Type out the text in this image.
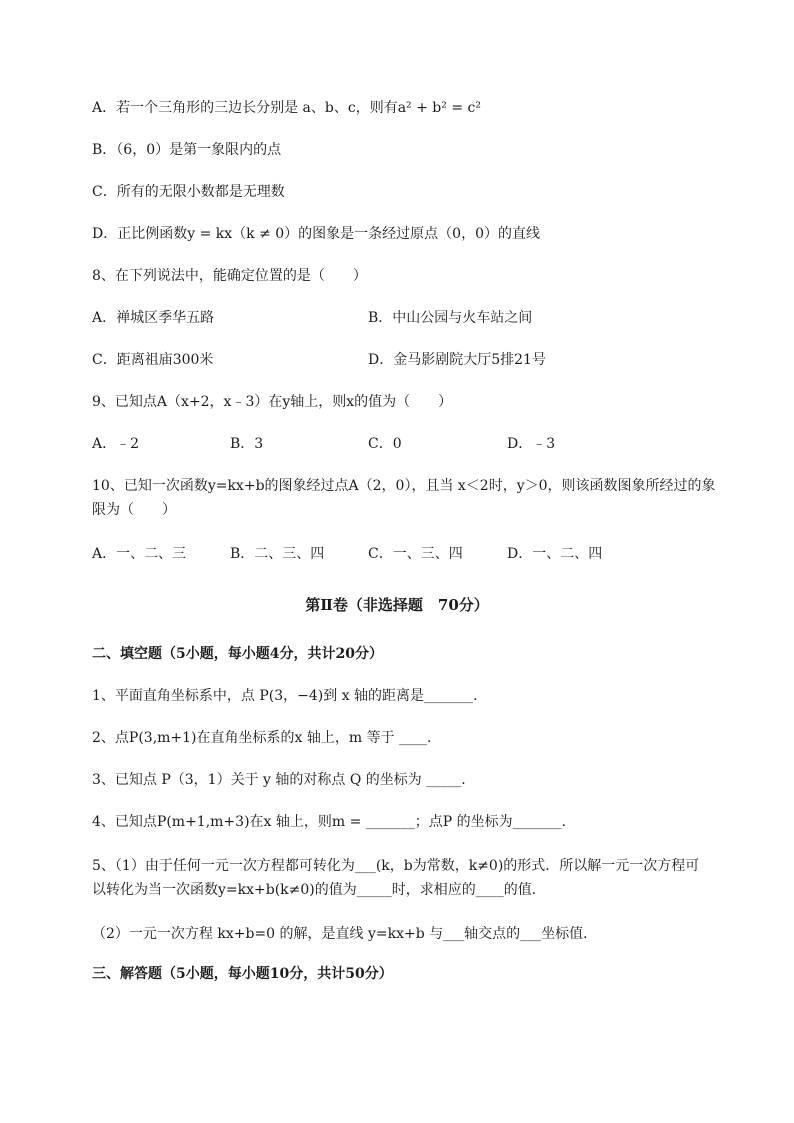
A．若一个三角形的三边长分别是 a、b、c，则有a² + b² = c²
B．（6，0）是第一象限内的点
C．所有的无限小数都是无理数
D．正比例函数y = kx（k ≠ 0）的图象是一条经过原点（0，0）的直线
8、在下列说法中，能确定位置的是（　　）
A．禅城区季华五路	B．中山公园与火车站之间
C．距离祖庙300米	D．金马影剧院大厅5排21号
9、已知点A（x+2，x﹣3）在y轴上，则x的值为（　　）
A．﹣2	B．3	C．0	D．﹣3
10、已知一次函数y=kx+b的图象经过点A（2，0），且当 x＜2时，y＞0，则该函数图象所经过的象
限为（　　）
A．一、二、三	B．二、三、四	C．一、三、四	D．一、二、四
第Ⅱ卷（非选择题　70分）
二、填空题（5小题，每小题4分，共计20分）
1、平面直角坐标系中，点 P(3，−4)到 x 轴的距离是_______.
2、点P(3,m+1)在直角坐标系的x 轴上，m 等于 ____.
3、已知点 P（3，1）关于 y 轴的对称点 Q 的坐标为 _____.
4、已知点P(m+1,m+3)在x 轴上，则m = _______；点P 的坐标为_______.
5、（1）由于任何一元一次方程都可转化为___(k，b为常数，k≠0)的形式．所以解一元一次方程可
以转化为当一次函数y=kx+b(k≠0)的值为_____时，求相应的____的值．
（2）一元一次方程 kx+b=0 的解，是直线 y=kx+b 与___轴交点的___坐标值．
三、解答题（5小题，每小题10分，共计50分）
